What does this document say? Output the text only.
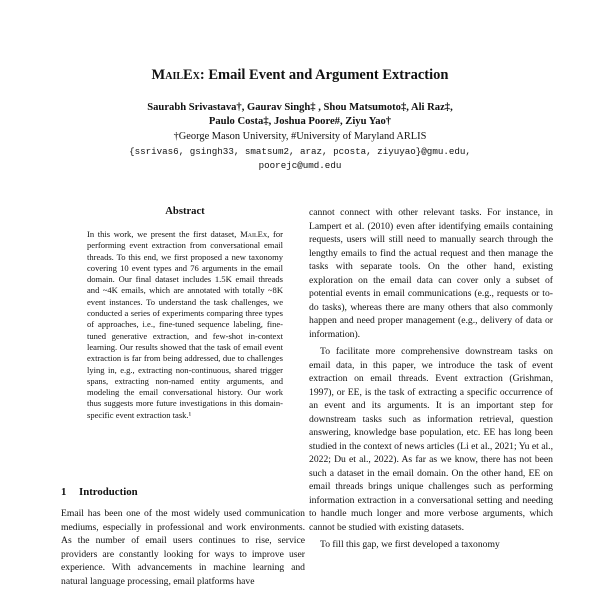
MailEx: Email Event and Argument Extraction
Saurabh Srivastava†, Gaurav Singh‡ , Shou Matsumoto‡, Ali Raz‡,
Paulo Costa‡, Joshua Poore#, Ziyu Yao†
†George Mason University, #University of Maryland ARLIS
{ssrivas6, gsingh33, smatsum2, araz, pcosta, ziyuyao}@gmu.edu,
poorejc@umd.edu
Abstract
In this work, we present the first dataset, MailEx, for performing event extraction from conversational email threads. To this end, we first proposed a new taxonomy covering 10 event types and 76 arguments in the email domain. Our final dataset includes 1.5K email threads and ~4K emails, which are annotated with totally ~8K event instances. To understand the task challenges, we conducted a series of experiments comparing three types of approaches, i.e., fine-tuned sequence labeling, fine-tuned generative extraction, and few-shot in-context learning. Our results showed that the task of email event extraction is far from being addressed, due to challenges lying in, e.g., extracting non-continuous, shared trigger spans, extracting non-named entity arguments, and modeling the email conversational history. Our work thus suggests more future investigations in this domain-specific event extraction task.¹
1 Introduction

Email has been one of the most widely used communication mediums, especially in professional and work environments. As the number of email users continues to rise, service providers are constantly looking for ways to improve user experience. With advancements in machine learning and natural language processing, email platforms have

cannot connect with other relevant tasks. For instance, in Lampert et al. (2010) even after identifying emails containing requests, users will still need to manually search through the lengthy emails to find the actual request and then manage the tasks with separate tools. On the other hand, existing exploration on the email data can cover only a subset of potential events in email communications (e.g., requests or to-do tasks), whereas there are many others that also commonly happen and need proper management (e.g., delivery of data or information).

To facilitate more comprehensive downstream tasks on email data, in this paper, we introduce the task of event extraction on email threads. Event extraction (Grishman, 1997), or EE, is the task of extracting a specific occurrence of an event and its arguments. It is an important step for downstream tasks such as information retrieval, question answering, knowledge base population, etc. EE has long been studied in the context of news articles (Li et al., 2021; Yu et al., 2022; Du et al., 2022). As far as we know, there has not been such a dataset in the email domain. On the other hand, EE on email threads brings unique challenges such as performing information extraction in a conversational setting and needing to handle much longer and more verbose arguments, which cannot be studied with existing datasets.

To fill this gap, we first developed a taxonomy
